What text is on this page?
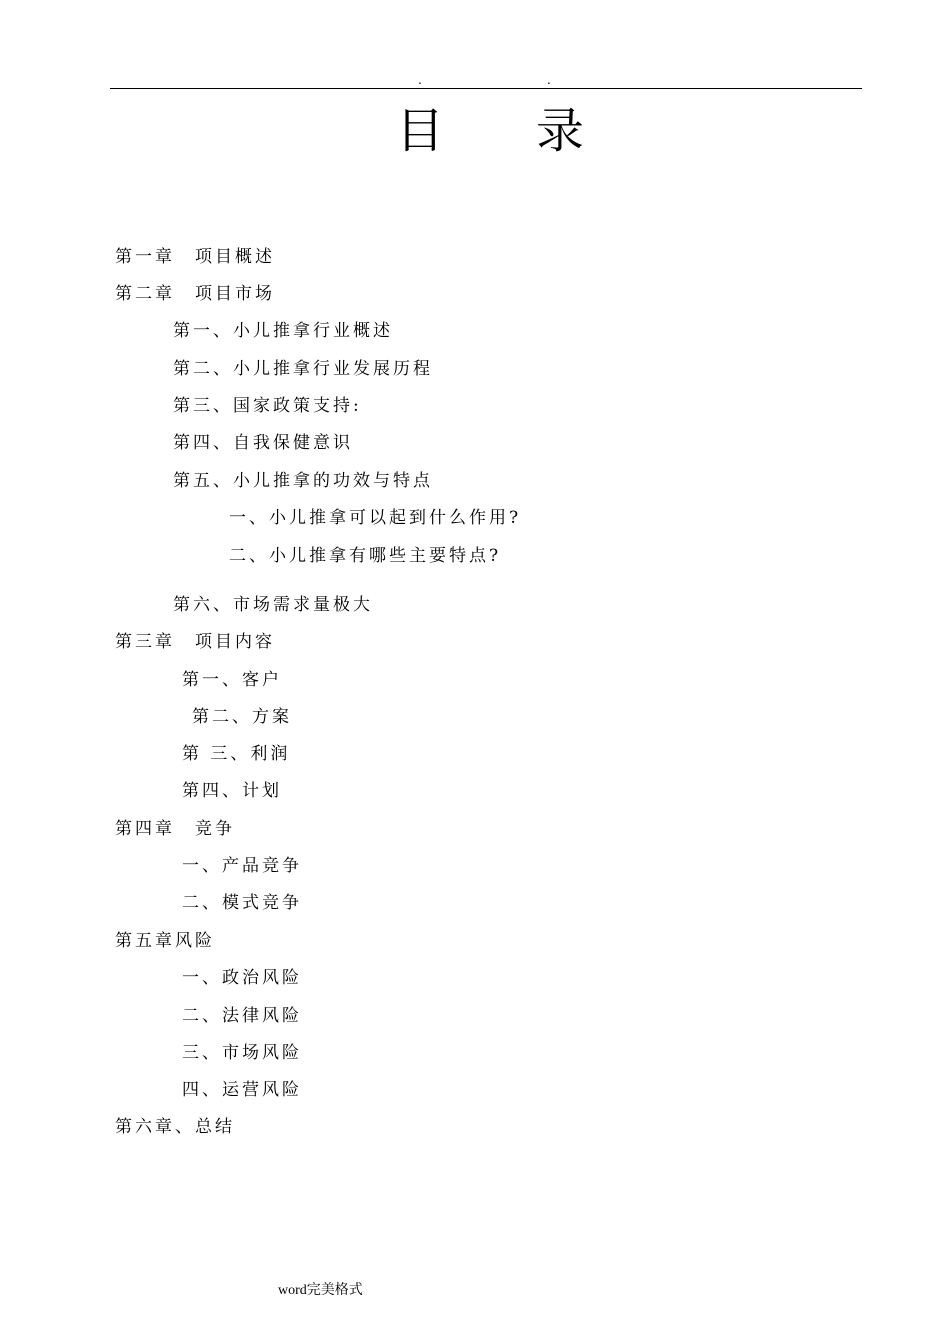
.	.
目 录
第一章　项目概述
第二章　项目市场
第一、小儿推拿行业概述
第二、小儿推拿行业发展历程
第三、国家政策支持:
第四、自我保健意识
第五、小儿推拿的功效与特点
一、小儿推拿可以起到什么作用?
二、小儿推拿有哪些主要特点?
第六、市场需求量极大
第三章　项目内容
第一、客户
第二、方案
第 三、利润
第四、计划
第四章　竞争
一、产品竞争
二、模式竞争
第五章风险
一、政治风险
二、法律风险
三、市场风险
四、运营风险
第六章、总结
word完美格式
